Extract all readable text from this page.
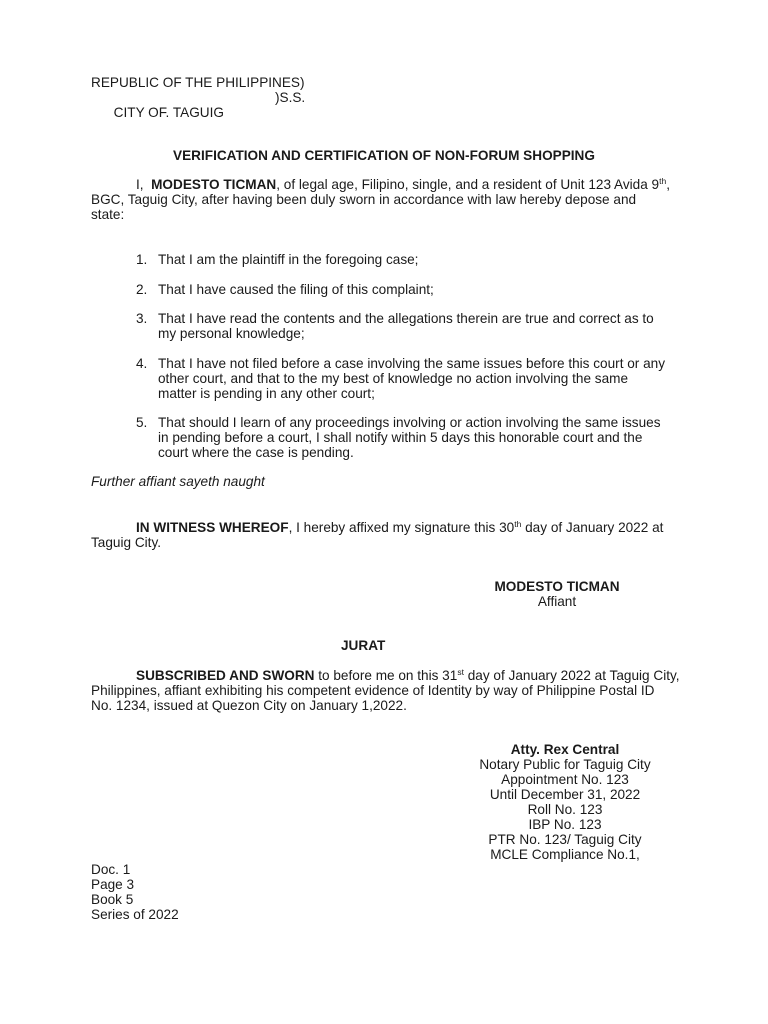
REPUBLIC OF THE PHILIPPINES)

CITY OF. TAGUIG
)S.S.

VERIFICATION AND CERTIFICATION OF NON-FORUM SHOPPING
I,  MODESTO TICMAN, of legal age, Filipino, single, and a resident of Unit 123 Avida 9th,
BGC, Taguig City, after having been duly sworn in accordance with law hereby depose and
state:
1. That I am the plaintiff in the foregoing case;
2. That I have caused the filing of this complaint;
3. That I have read the contents and the allegations therein are true and correct as to
my personal knowledge;
4. That I have not filed before a case involving the same issues before this court or any
other court, and that to the my best of knowledge no action involving the same
matter is pending in any other court;
5. That should I learn of any proceedings involving or action involving the same issues
in pending before a court, I shall notify within 5 days this honorable court and the
court where the case is pending.
Further affiant sayeth naught
IN WITNESS WHEREOF, I hereby affixed my signature this 30th day of January 2022 at
Taguig City.
MODESTO TICMAN
Affiant
JURAT
SUBSCRIBED AND SWORN to before me on this 31st day of January 2022 at Taguig City,
Philippines, affiant exhibiting his competent evidence of Identity by way of Philippine Postal ID
No. 1234, issued at Quezon City on January 1,2022.
Atty. Rex Central
Notary Public for Taguig City
Appointment No. 123
Until December 31, 2022
Roll No. 123
IBP No. 123
PTR No. 123/ Taguig City
MCLE Compliance No.1,
Doc. 1
Page 3
Book 5
Series of 2022
